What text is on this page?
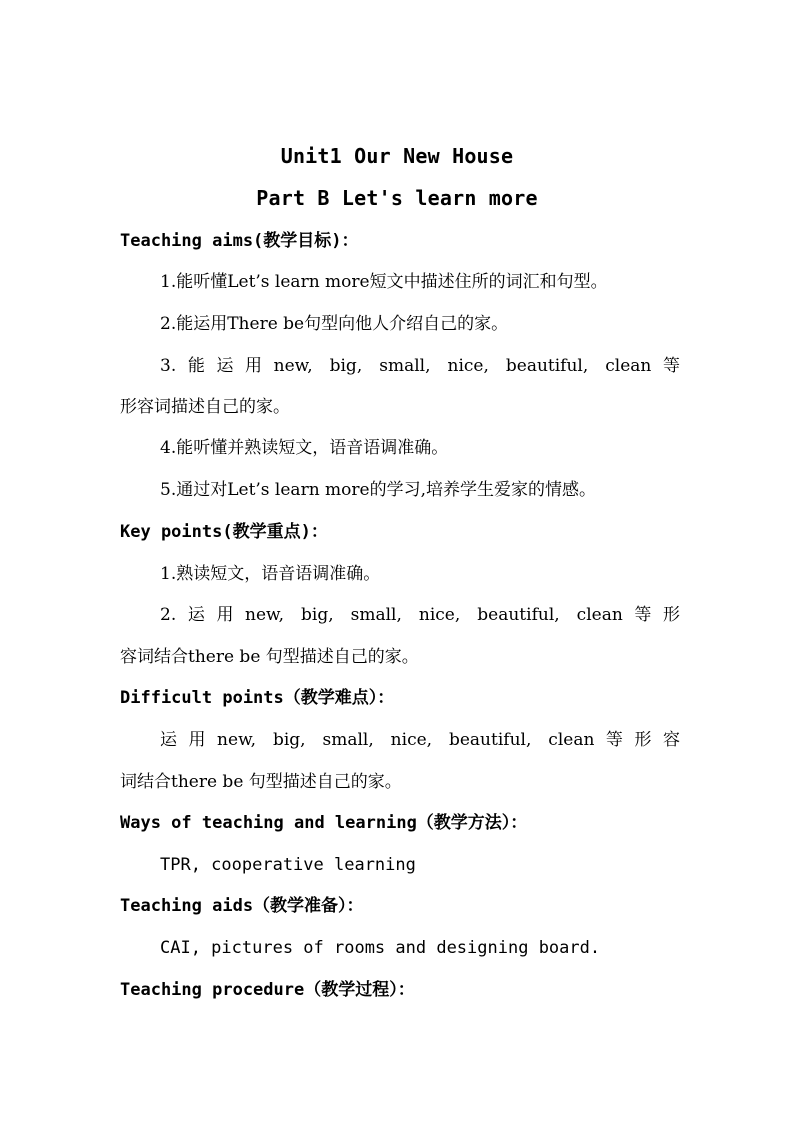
Unit1 Our New House
Part B Let's learn more
Teaching aims(教学目标)：
1.能听懂Let’s learn more短文中描述住所的词汇和句型。
2.能运用There be句型向他人介绍自己的家。
3.能运用new, big, small, nice, beautiful, clean等
形容词描述自己的家。
4.能听懂并熟读短文，语音语调准确。
5.通过对Let’s learn more的学习,培养学生爱家的情感。
Key points(教学重点)：
1.熟读短文，语音语调准确。
2.运用new, big, small, nice, beautiful, clean等形
容词结合there be 句型描述自己的家。
Difficult points（教学难点）：
运用new, big, small, nice, beautiful, clean等形容
词结合there be 句型描述自己的家。
Ways of teaching and learning（教学方法）：
TPR, cooperative learning
Teaching aids（教学准备）：
CAI, pictures of rooms and designing board.
Teaching procedure（教学过程）：
